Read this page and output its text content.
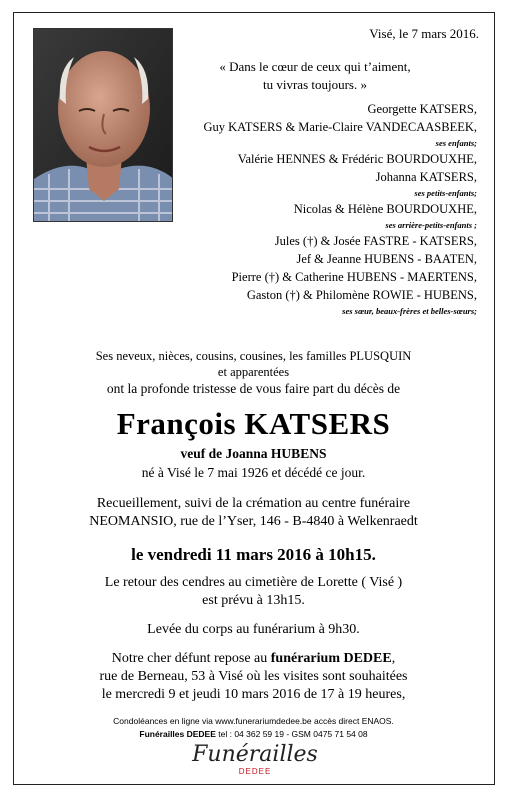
Visé, le 7 mars 2016.
« Dans le cœur de ceux qui t’aiment,
tu vivras toujours. »
Georgette KATSERS,
Guy KATSERS & Marie-Claire VANDECAASBEEK,
ses enfants;
Valérie HENNES & Frédéric BOURDOUXHE,
Johanna KATSERS,
ses petits-enfants;
Nicolas & Hélène BOURDOUXHE,
ses arrière-petits-enfants ;
Jules (†) & Josée FASTRE - KATSERS,
Jef & Jeanne HUBENS - BAATEN,
Pierre (†) & Catherine HUBENS - MAERTENS,
Gaston (†) & Philomène ROWIE - HUBENS,
ses sœur, beaux-frères et belles-sœurs;
Ses neveux, nièces, cousins, cousines, les familles PLUSQUIN
et apparentées
ont la profonde tristesse de vous faire part du décès de
François KATSERS
veuf de Joanna HUBENS
né à Visé le 7 mai 1926 et décédé ce jour.
Recueillement, suivi de la crémation au centre funéraire
NEOMANSIO, rue de l’Yser, 146 - B-4840 à Welkenraedt
le vendredi 11 mars 2016 à 10h15.
Le retour des cendres au cimetière de Lorette ( Visé )
est prévu à 13h15.
Levée du corps au funérarium à 9h30.
Notre cher défunt repose au funérarium DEDEE,
rue de Berneau, 53 à Visé où les visites sont souhaitées
le mercredi 9 et jeudi 10 mars 2016 de 17 à 19 heures,
Condoléances en ligne via www.funerariumdedee.be accès direct ENAOS.
Funérailles DEDEE tel : 04 362 59 19 - GSM 0475 71 54 08
Funérailles
DEDEE
